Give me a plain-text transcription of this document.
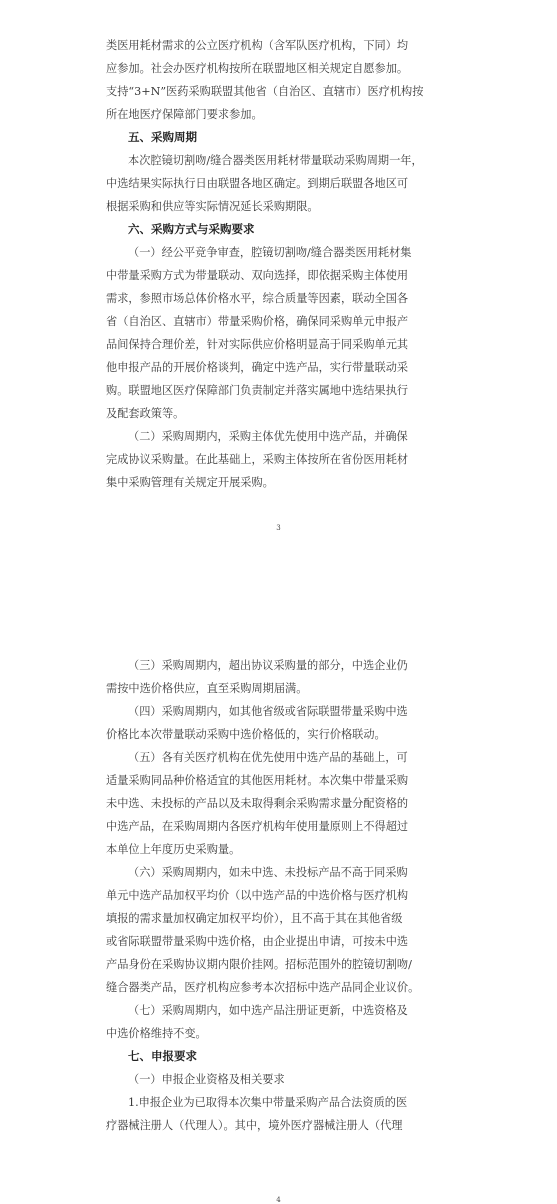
类医用耗材需求的公立医疗机构（含军队医疗机构，下同）均
应参加。社会办医疗机构按所在联盟地区相关规定自愿参加。
支持“3+N”医药采购联盟其他省（自治区、直辖市）医疗机构按
所在地医疗保障部门要求参加。
五、采购周期
本次腔镜切割吻/缝合器类医用耗材带量联动采购周期一年，
中选结果实际执行日由联盟各地区确定。到期后联盟各地区可
根据采购和供应等实际情况延长采购期限。
六、采购方式与采购要求
（一）经公平竞争审查，腔镜切割吻/缝合器类医用耗材集
中带量采购方式为带量联动、双向选择，即依据采购主体使用
需求，参照市场总体价格水平，综合质量等因素，联动全国各
省（自治区、直辖市）带量采购价格，确保同采购单元申报产
品间保持合理价差，针对实际供应价格明显高于同采购单元其
他申报产品的开展价格谈判，确定中选产品，实行带量联动采
购。联盟地区医疗保障部门负责制定并落实属地中选结果执行
及配套政策等。
（二）采购周期内，采购主体优先使用中选产品，并确保
完成协议采购量。在此基础上，采购主体按所在省份医用耗材
集中采购管理有关规定开展采购。
3
（三）采购周期内，超出协议采购量的部分，中选企业仍
需按中选价格供应，直至采购周期届满。
（四）采购周期内，如其他省级或省际联盟带量采购中选
价格比本次带量联动采购中选价格低的，实行价格联动。
（五）各有关医疗机构在优先使用中选产品的基础上，可
适量采购同品种价格适宜的其他医用耗材。本次集中带量采购
未中选、未投标的产品以及未取得剩余采购需求量分配资格的
中选产品，在采购周期内各医疗机构年使用量原则上不得超过
本单位上年度历史采购量。
（六）采购周期内，如未中选、未投标产品不高于同采购
单元中选产品加权平均价（以中选产品的中选价格与医疗机构
填报的需求量加权确定加权平均价），且不高于其在其他省级
或省际联盟带量采购中选价格，由企业提出申请，可按未中选
产品身份在采购协议期内限价挂网。招标范围外的腔镜切割吻/
缝合器类产品，医疗机构应参考本次招标中选产品同企业议价。
（七）采购周期内，如中选产品注册证更新，中选资格及
中选价格维持不变。
七、申报要求
（一）申报企业资格及相关要求
1.申报企业为已取得本次集中带量采购产品合法资质的医
疗器械注册人（代理人）。其中，境外医疗器械注册人（代理
4
